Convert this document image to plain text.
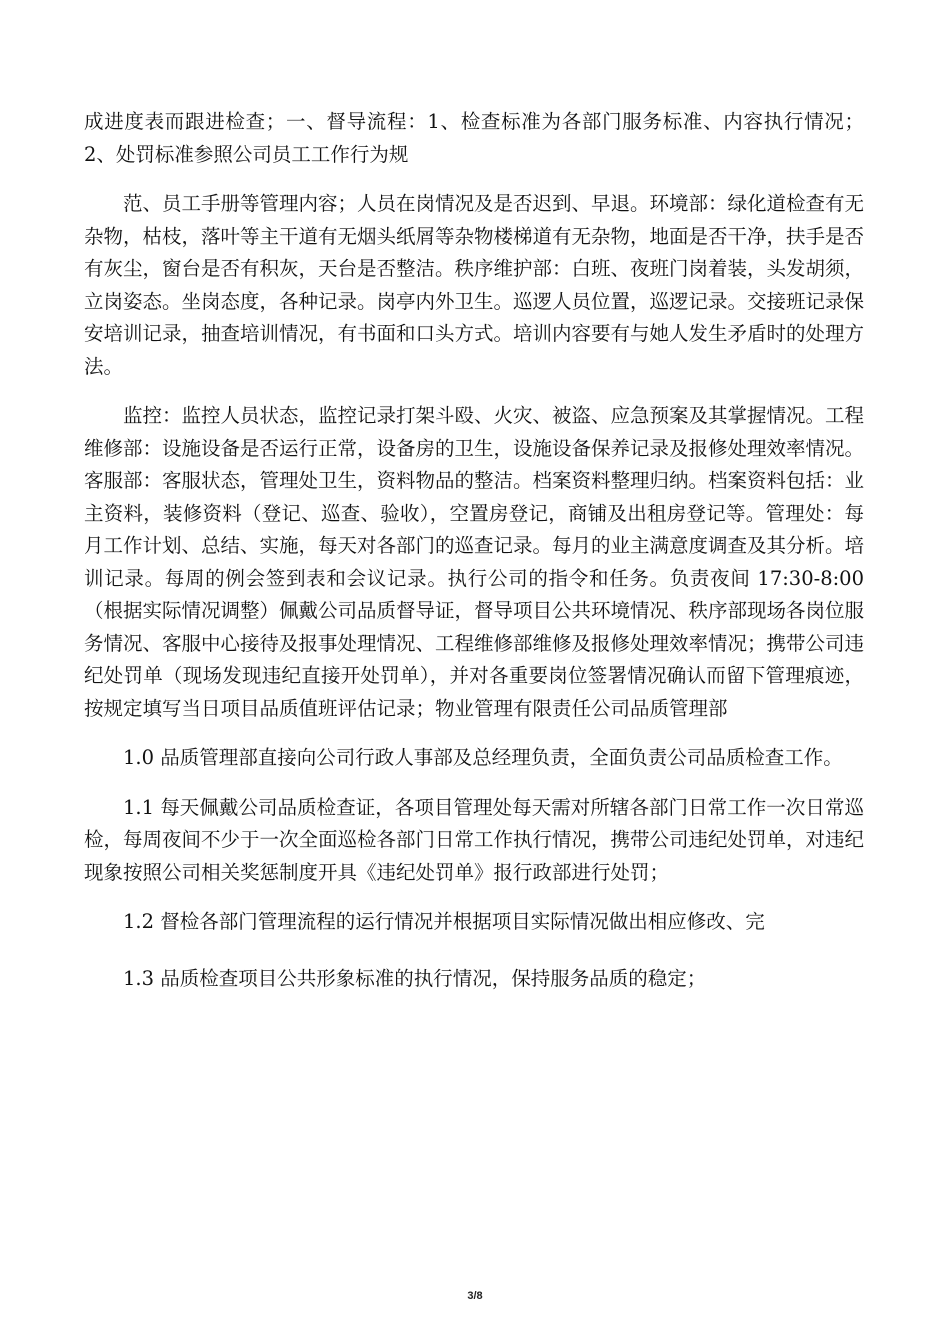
成进度表而跟进检查；一、督导流程：1、检查标准为各部门服务标准、内容执行情况；2、处罚标准参照公司员工工作行为规

范、员工手册等管理内容；人员在岗情况及是否迟到、早退。环境部：绿化道检查有无杂物，枯枝，落叶等主干道有无烟头纸屑等杂物楼梯道有无杂物，地面是否干净，扶手是否有灰尘，窗台是否有积灰，天台是否整洁。秩序维护部：白班、夜班门岗着装，头发胡须，立岗姿态。坐岗态度，各种记录。岗亭内外卫生。巡逻人员位置，巡逻记录。交接班记录保安培训记录，抽查培训情况，有书面和口头方式。培训内容要有与她人发生矛盾时的处理方法。

监控：监控人员状态，监控记录打架斗殴、火灾、被盗、应急预案及其掌握情况。工程维修部：设施设备是否运行正常，设备房的卫生，设施设备保养记录及报修处理效率情况。客服部：客服状态，管理处卫生，资料物品的整洁。档案资料整理归纳。档案资料包括：业主资料，装修资料（登记、巡查、验收），空置房登记，商铺及出租房登记等。管理处：每月工作计划、总结、实施，每天对各部门的巡查记录。每月的业主满意度调查及其分析。培训记录。每周的例会签到表和会议记录。执行公司的指令和任务。负责夜间 17:30-8:00（根据实际情况调整）佩戴公司品质督导证，督导项目公共环境情况、秩序部现场各岗位服务情况、客服中心接待及报事处理情况、工程维修部维修及报修处理效率情况；携带公司违纪处罚单（现场发现违纪直接开处罚单），并对各重要岗位签署情况确认而留下管理痕迹，按规定填写当日项目品质值班评估记录；物业管理有限责任公司品质管理部

1.0 品质管理部直接向公司行政人事部及总经理负责，全面负责公司品质检查工作。

1.1 每天佩戴公司品质检查证，各项目管理处每天需对所辖各部门日常工作一次日常巡检，每周夜间不少于一次全面巡检各部门日常工作执行情况，携带公司违纪处罚单，对违纪现象按照公司相关奖惩制度开具《违纪处罚单》报行政部进行处罚；

1.2 督检各部门管理流程的运行情况并根据项目实际情况做出相应修改、完

1.3 品质检查项目公共形象标准的执行情况，保持服务品质的稳定；

3/8
